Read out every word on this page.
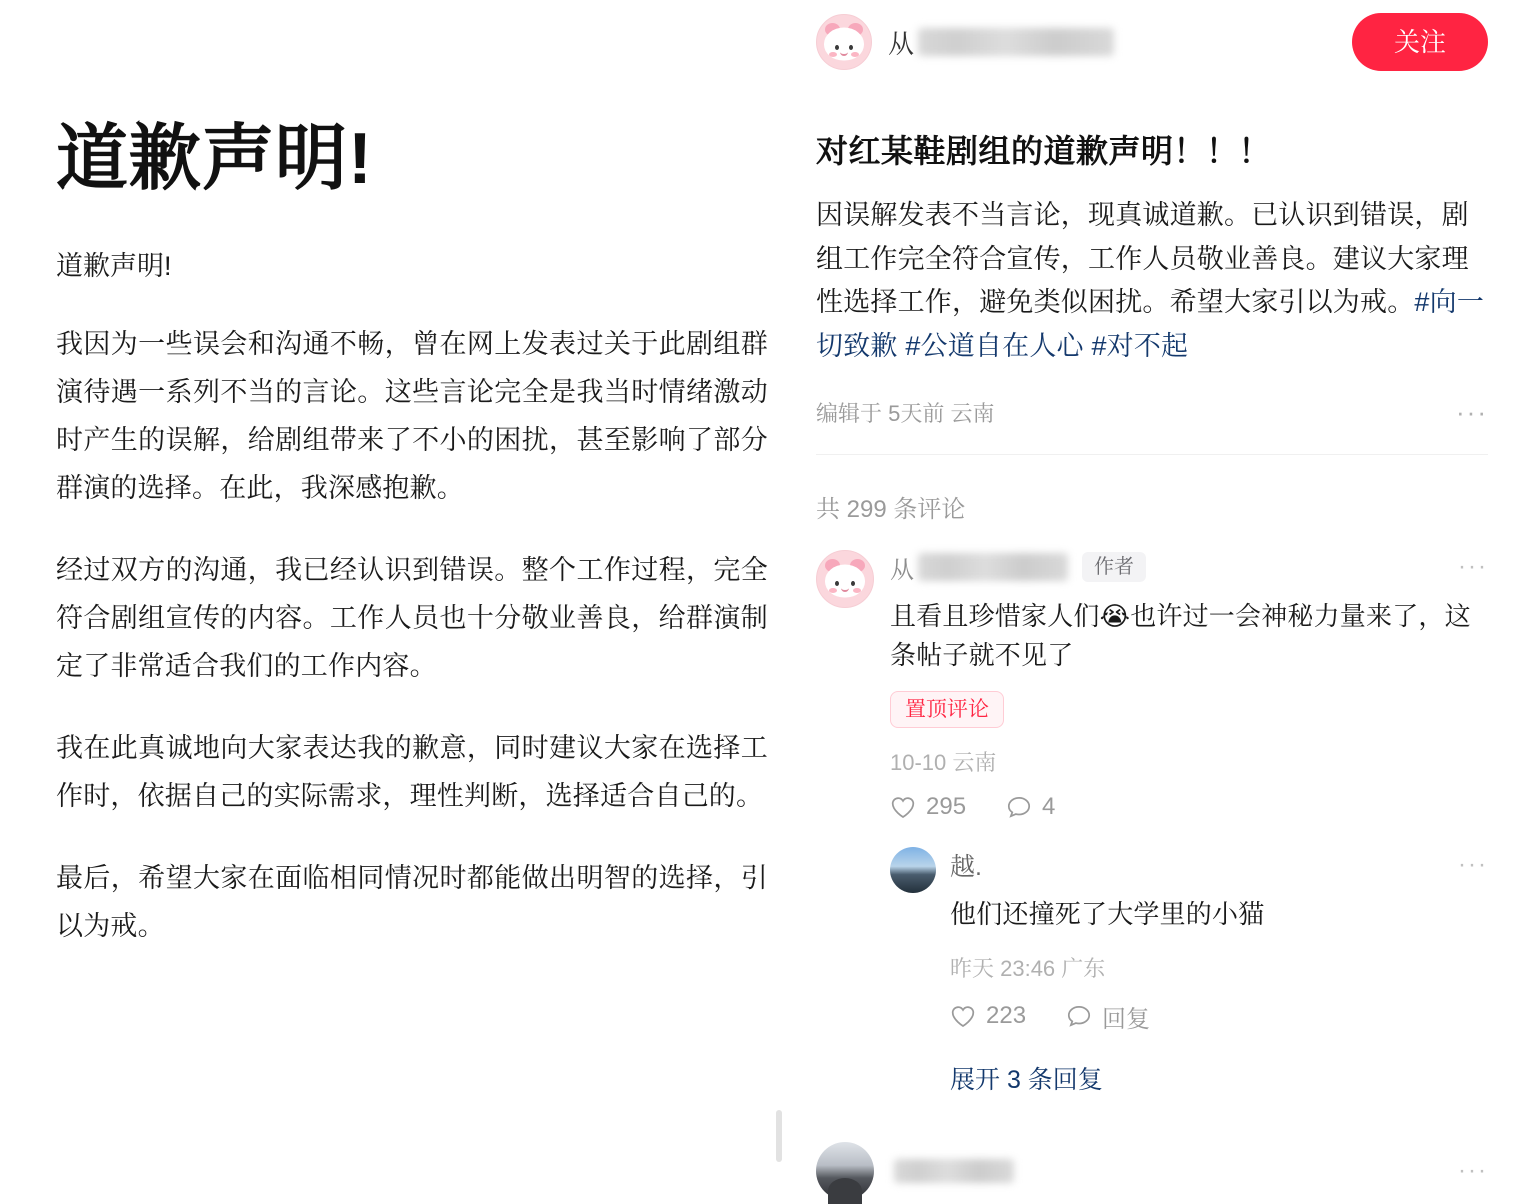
道歉声明!
道歉声明!
我因为一些误会和沟通不畅，曾在网上发表过关于此剧组群演待遇一系列不当的言论。这些言论完全是我当时情绪激动时产生的误解，给剧组带来了不小的困扰，甚至影响了部分群演的选择。在此，我深感抱歉。
经过双方的沟通，我已经认识到错误。整个工作过程，完全符合剧组宣传的内容。工作人员也十分敬业善良，给群演制定了非常适合我们的工作内容。
我在此真诚地向大家表达我的歉意，同时建议大家在选择工作时，依据自己的实际需求，理性判断，选择适合自己的。
最后，希望大家在面临相同情况时都能做出明智的选择，引以为戒。
从	关注
对红某鞋剧组的道歉声明！！！
因误解发表不当言论，现真诚道歉。已认识到错误，剧组工作完全符合宣传，工作人员敬业善良。建议大家理性选择工作，避免类似困扰。希望大家引以为戒。#向一切致歉 #公道自在人心 #对不起
编辑于 5天前 云南	···
共 299 条评论
从	作者	···
且看且珍惜家人们😭也许过一会神秘力量来了，这条帖子就不见了
置顶评论
10-10 云南
295	4
越.	···
他们还撞死了大学里的小猫
昨天 23:46 广东
223	回复
展开 3 条回复
···
